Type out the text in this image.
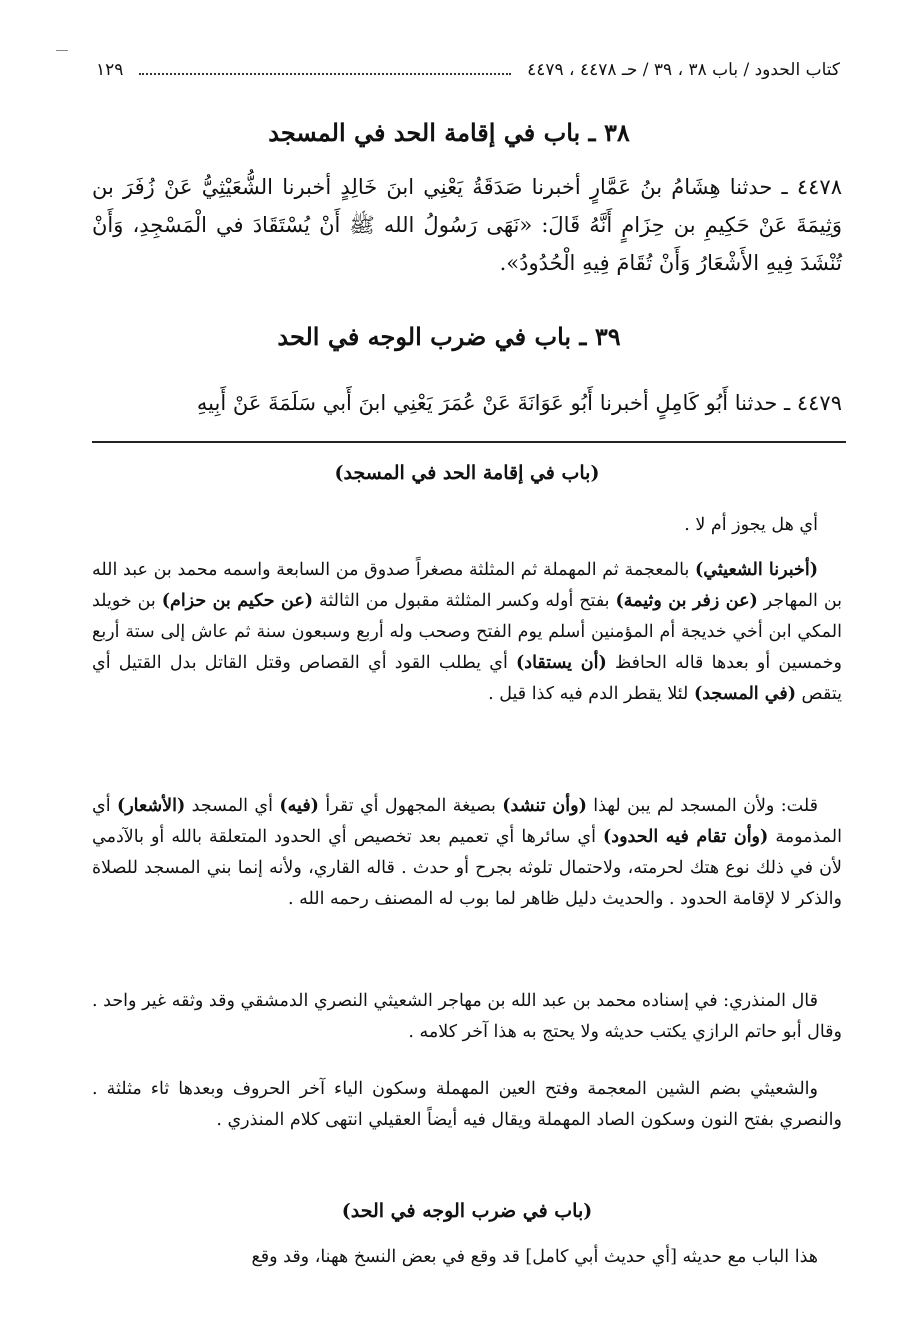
كتاب الحدود / باب ٣٨ ، ٣٩ / حـ ٤٤٧٨ ، ٤٤٧٩
١٢٩
٣٨ ـ باب في إقامة الحد في المسجد
٤٤٧٨ ـ حدثنا هِشَامُ بنُ عَمَّارٍ أخبرنا صَدَقَةُ يَعْنِي ابنَ خَالِدٍ أخبرنا الشُّعَيْثِيُّ عَنْ زُفَرَ بن وَثِيمَةَ عَنْ حَكِيمِ بن حِزَامٍ أَنَّهُ قَالَ: «نَهَى رَسُولُ الله ﷺ أَنْ يُسْتَقَادَ في الْمَسْجِدِ، وَأَنْ تُنْشَدَ فِيهِ الأَشْعَارُ وَأَنْ تُقَامَ فِيهِ الْحُدُودُ».
٣٩ ـ باب في ضرب الوجه في الحد
٤٤٧٩ ـ حدثنا أَبُو كَامِلٍ أخبرنا أَبُو عَوَانَةَ عَنْ عُمَرَ يَعْنِي ابنَ أَبي سَلَمَةَ عَنْ أَبِيهِ
(باب في إقامة الحد في المسجد)
أي هل يجوز أم لا .
(أخبرنا الشعيثي) بالمعجمة ثم المهملة ثم المثلثة مصغراً صدوق من السابعة واسمه محمد بن عبد الله بن المهاجر (عن زفر بن وثيمة) بفتح أوله وكسر المثلثة مقبول من الثالثة (عن حكيم بن حزام) بن خويلد المكي ابن أخي خديجة أم المؤمنين أسلم يوم الفتح وصحب وله أربع وسبعون سنة ثم عاش إلى ستة أربع وخمسين أو بعدها قاله الحافظ (أن يستقاد) أي يطلب القود أي القصاص وقتل القاتل بدل القتيل أي يتقص (في المسجد) لئلا يقطر الدم فيه كذا قيل .
قلت: ولأن المسجد لم يبن لهذا (وأن تنشد) بصيغة المجهول أي تقرأ (فيه) أي المسجد (الأشعار) أي المذمومة (وأن تقام فيه الحدود) أي سائرها أي تعميم بعد تخصيص أي الحدود المتعلقة بالله أو بالآدمي لأن في ذلك نوع هتك لحرمته، ولاحتمال تلوثه بجرح أو حدث . قاله القاري، ولأنه إنما بني المسجد للصلاة والذكر لا لإقامة الحدود . والحديث دليل ظاهر لما بوب له المصنف رحمه الله .
قال المنذري: في إسناده محمد بن عبد الله بن مهاجر الشعيثي النصري الدمشقي وقد وثقه غير واحد . وقال أبو حاتم الرازي يكتب حديثه ولا يحتج به هذا آخر كلامه .
والشعيثي بضم الشين المعجمة وفتح العين المهملة وسكون الياء آخر الحروف وبعدها ثاء مثلثة . والنصري بفتح النون وسكون الصاد المهملة ويقال فيه أيضاً العقيلي انتهى كلام المنذري .
(باب في ضرب الوجه في الحد)
هذا الباب مع حديثه [أي حديث أبي كامل] قد وقع في بعض النسخ ههنا، وقد وقع
